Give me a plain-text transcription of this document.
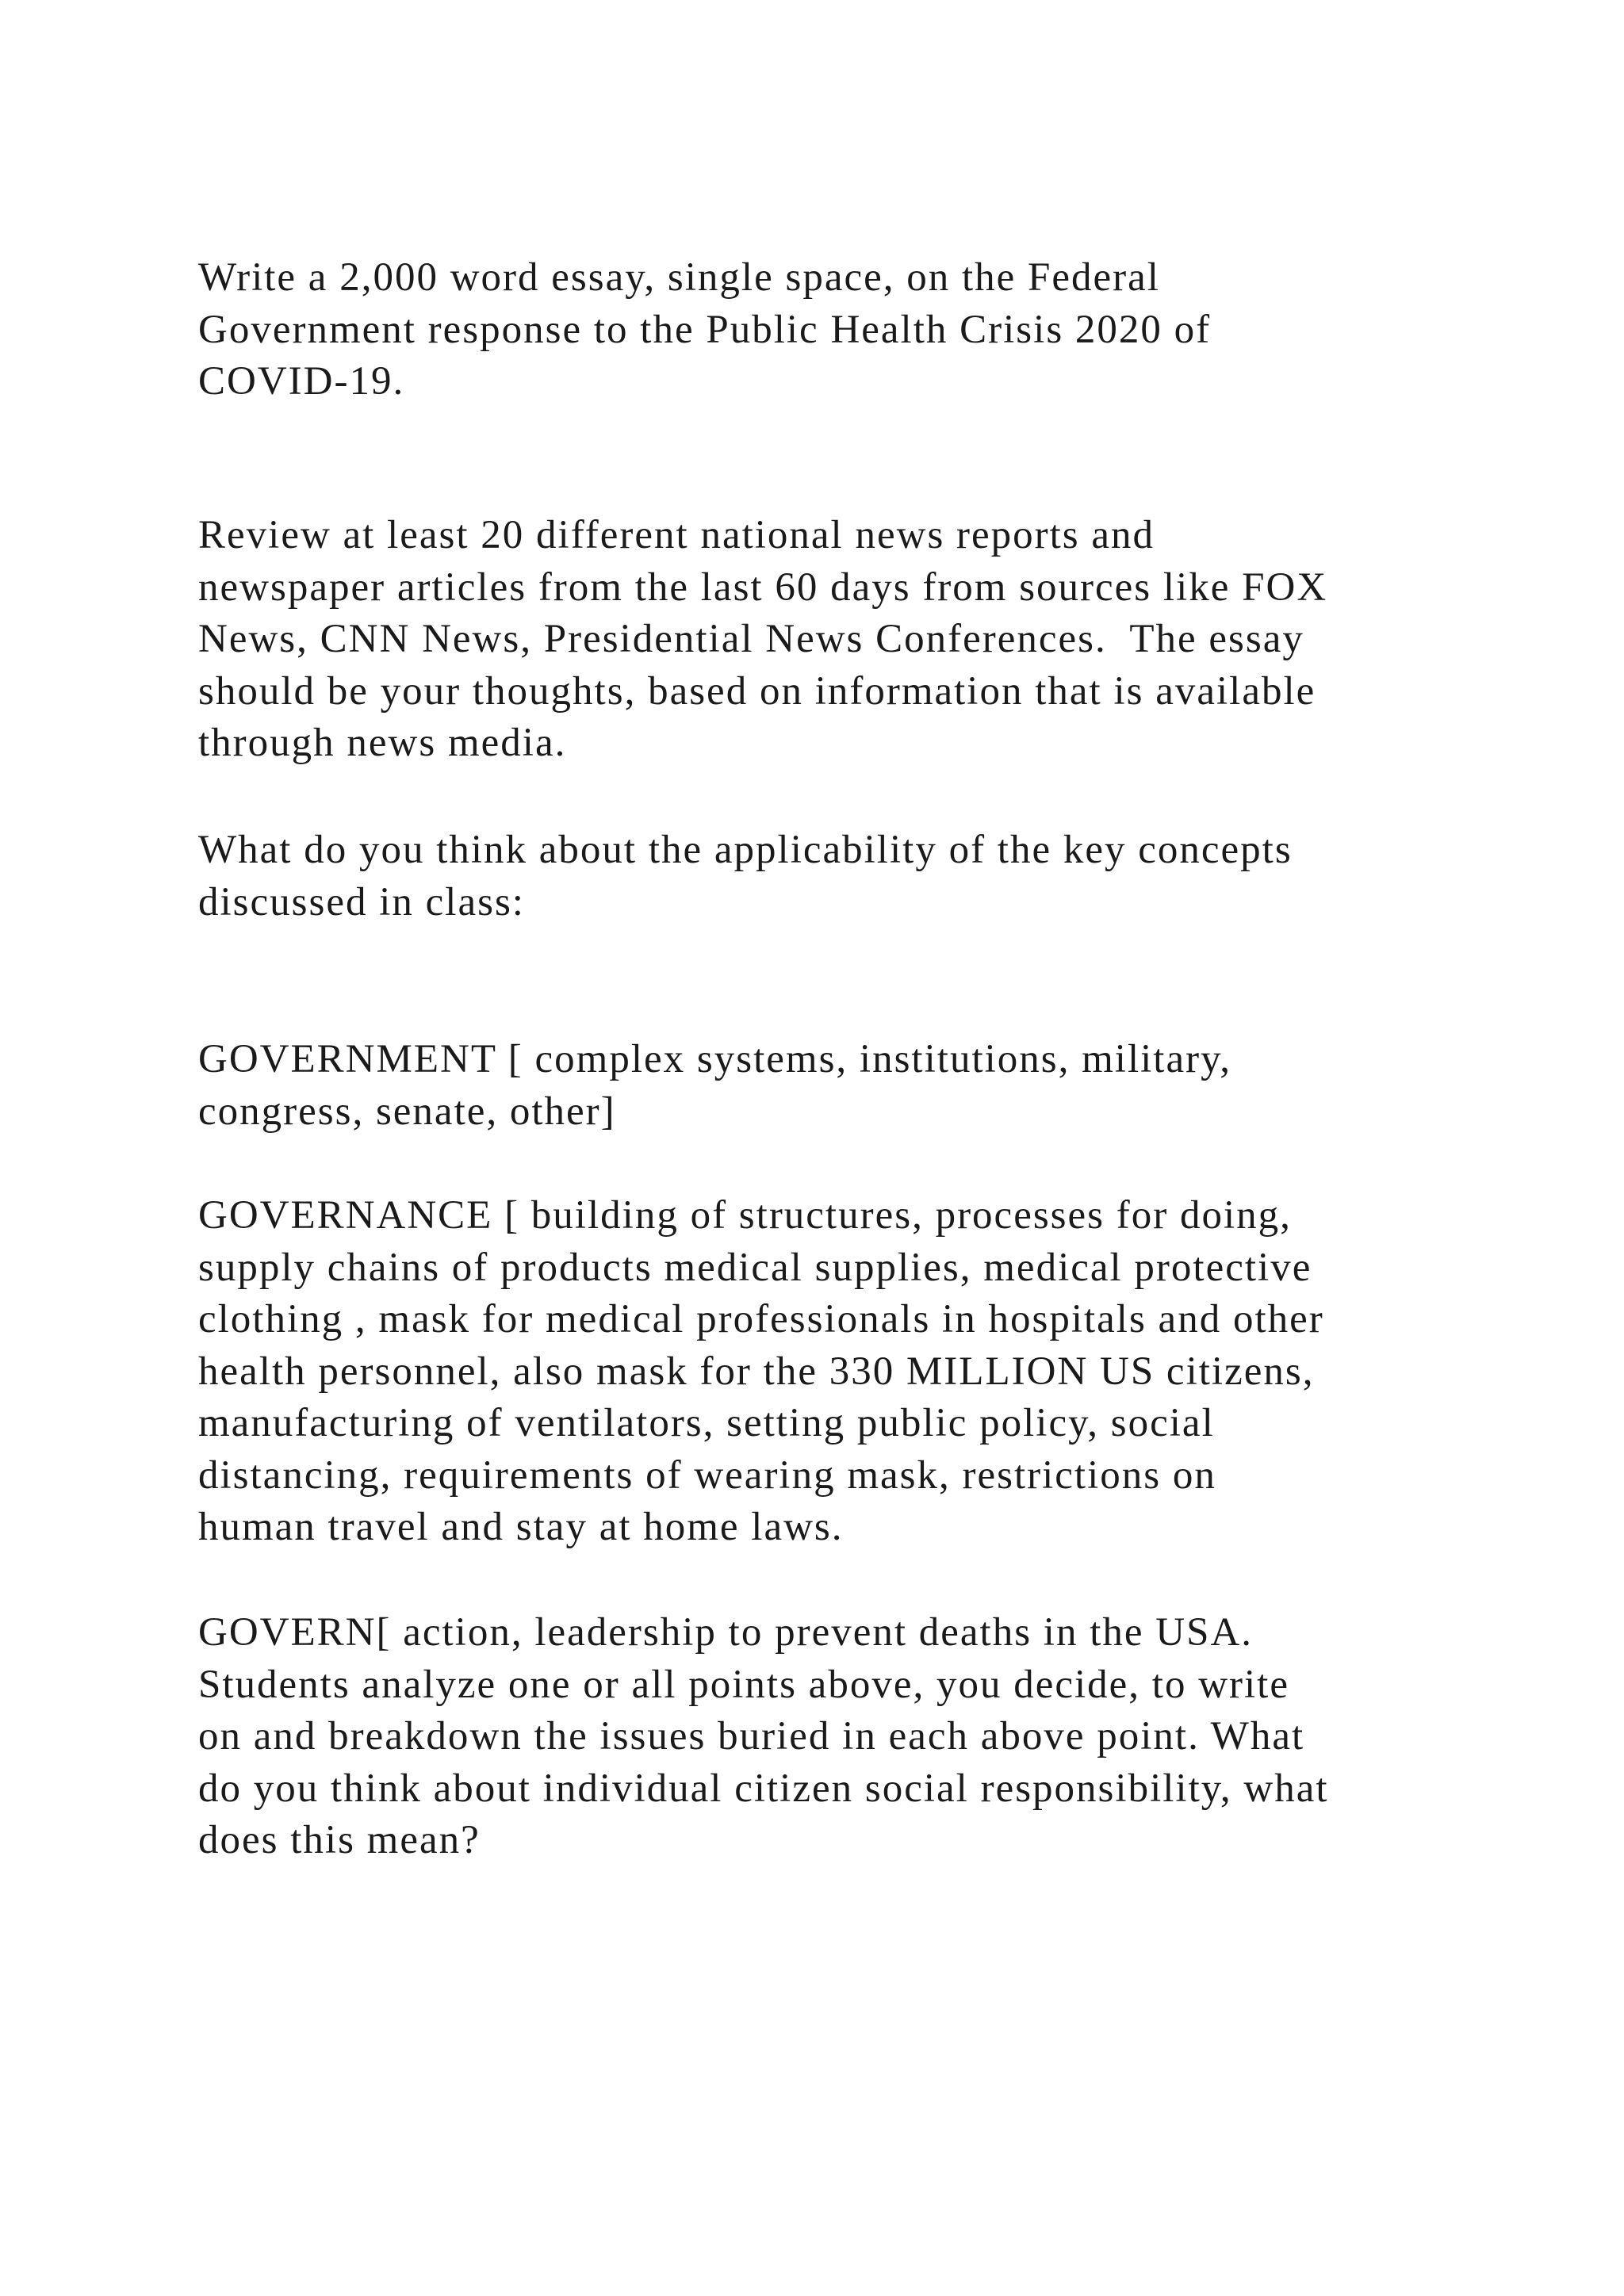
Write a 2,000 word essay, single space, on the Federal
Government response to the Public Health Crisis 2020 of
COVID-19.

Review at least 20 different national news reports and
newspaper articles from the last 60 days from sources like FOX
News, CNN News, Presidential News Conferences.  The essay
should be your thoughts, based on information that is available
through news media.

What do you think about the applicability of the key concepts
discussed in class:

GOVERNMENT [ complex systems, institutions, military,
congress, senate, other]

GOVERNANCE [ building of structures, processes for doing,
supply chains of products medical supplies, medical protective
clothing , mask for medical professionals in hospitals and other
health personnel, also mask for the 330 MILLION US citizens,
manufacturing of ventilators, setting public policy, social
distancing, requirements of wearing mask, restrictions on
human travel and stay at home laws.

GOVERN[ action, leadership to prevent deaths in the USA.
Students analyze one or all points above, you decide, to write
on and breakdown the issues buried in each above point. What
do you think about individual citizen social responsibility, what
does this mean?
